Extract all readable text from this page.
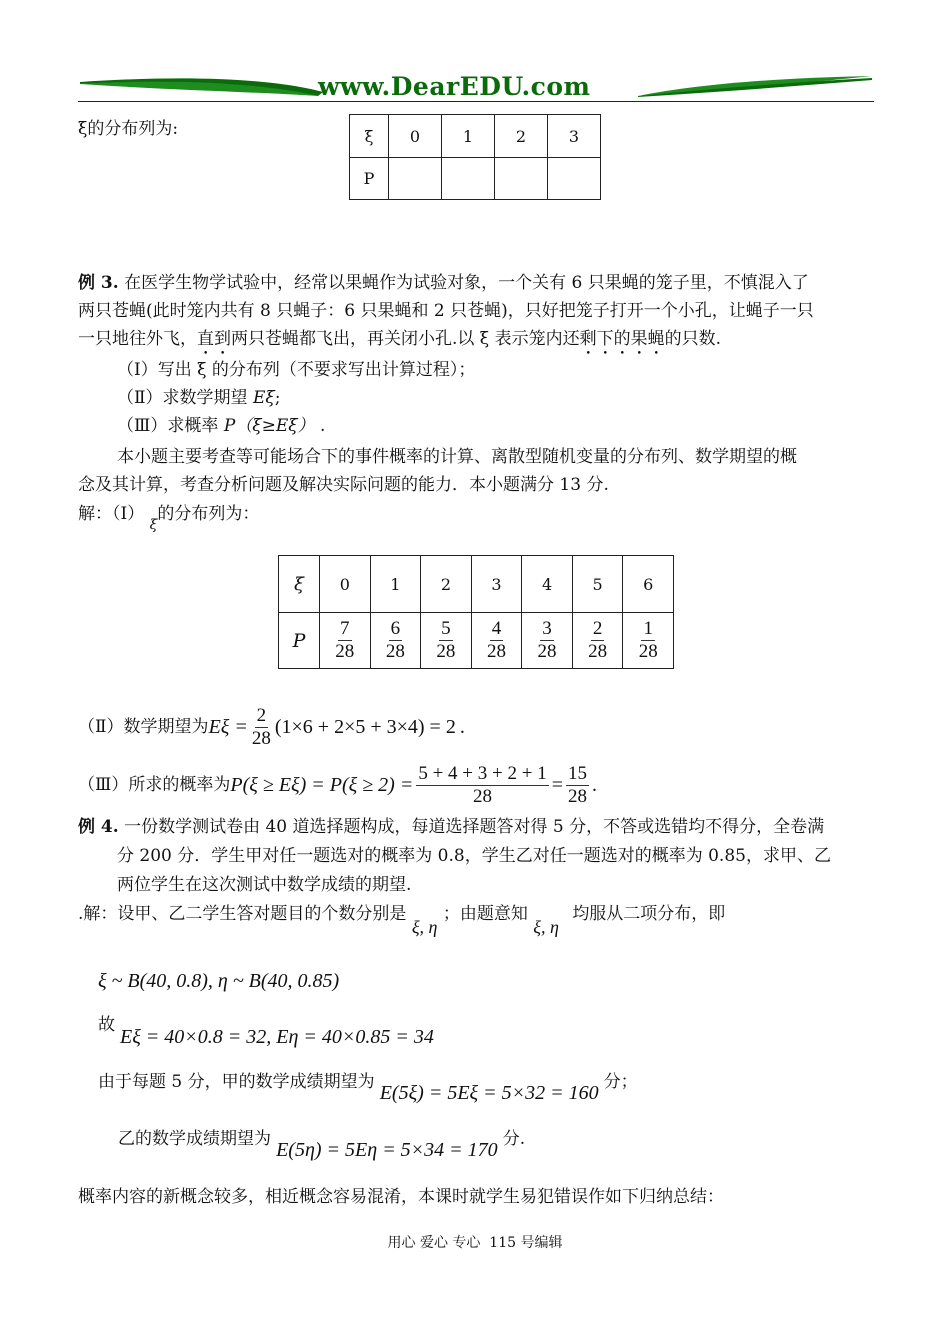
www.DearEDU.com
ξ的分布列为:	ξ	0	1	2	3
P				
例 3. 在医学生物学试验中，经常以果蝇作为试验对象，一个关有 6 只果蝇的笼子里，不慎混入了
两只苍蝇(此时笼内共有 8 只蝇子：6 只果蝇和 2 只苍蝇)，只好把笼子打开一个小孔，让蝇子一只
一只地往外飞，直到两只苍蝇都飞出，再关闭小孔.以 ξ 表示笼内还剩下的果蝇的只数.
（Ⅰ）写出 ξ 的分布列（不要求写出计算过程）；
（Ⅱ）求数学期望 Eξ;
（Ⅲ）求概率 P（ξ≥Eξ） .
本小题主要考查等可能场合下的事件概率的计算、离散型随机变量的分布列、数学期望的概
念及其计算，考查分析问题及解决实际问题的能力．本小题满分 13 分.
解：（Ⅰ） $_\xi$的分布列为：
ξ	0	1	2	3	4	5	6
P	$\frac{7}{28}$	$\frac{6}{28}$	$\frac{5}{28}$	$\frac{4}{28}$	$\frac{3}{28}$	$\frac{2}{28}$	$\frac{1}{28}$
（Ⅱ）数学期望为 $E\xi = \frac{2}{28} (1\times 6 + 2\times 5 + 3\times 4) = 2$ .
（Ⅲ）所求的概率为 $P(\xi \ge E\xi) = P(\xi \ge 2) = \frac{5 + 4 + 3 + 2 + 1}{28} = \frac{15}{28}$ .
例 4. 一份数学测试卷由 40 道选择题构成，每道选择题答对得 5 分，不答或选错均不得分，全卷满
分 200 分．学生甲对任一题选对的概率为 0.8，学生乙对任一题选对的概率为 0.85，求甲、乙
两位学生在这次测试中数学成绩的期望.
.解：设甲、乙二学生答对题目的个数分别是 ξ, η ；由题意知 ξ, η 均服从二项分布，即
ξ ~ B(40, 0.8), η ~ B(40, 0.85)
故
Eξ = 40×0.8 = 32, Eη = 40×0.85 = 34
由于每题 5 分，甲的数学成绩期望为 E(5ξ) = 5Eξ = 5×32 = 160 分；
乙的数学成绩期望为 E(5η) = 5Eη = 5×34 = 170 分.
概率内容的新概念较多，相近概念容易混淆，本课时就学生易犯错误作如下归纳总结：
用心 爱心 专心  115 号编辑
